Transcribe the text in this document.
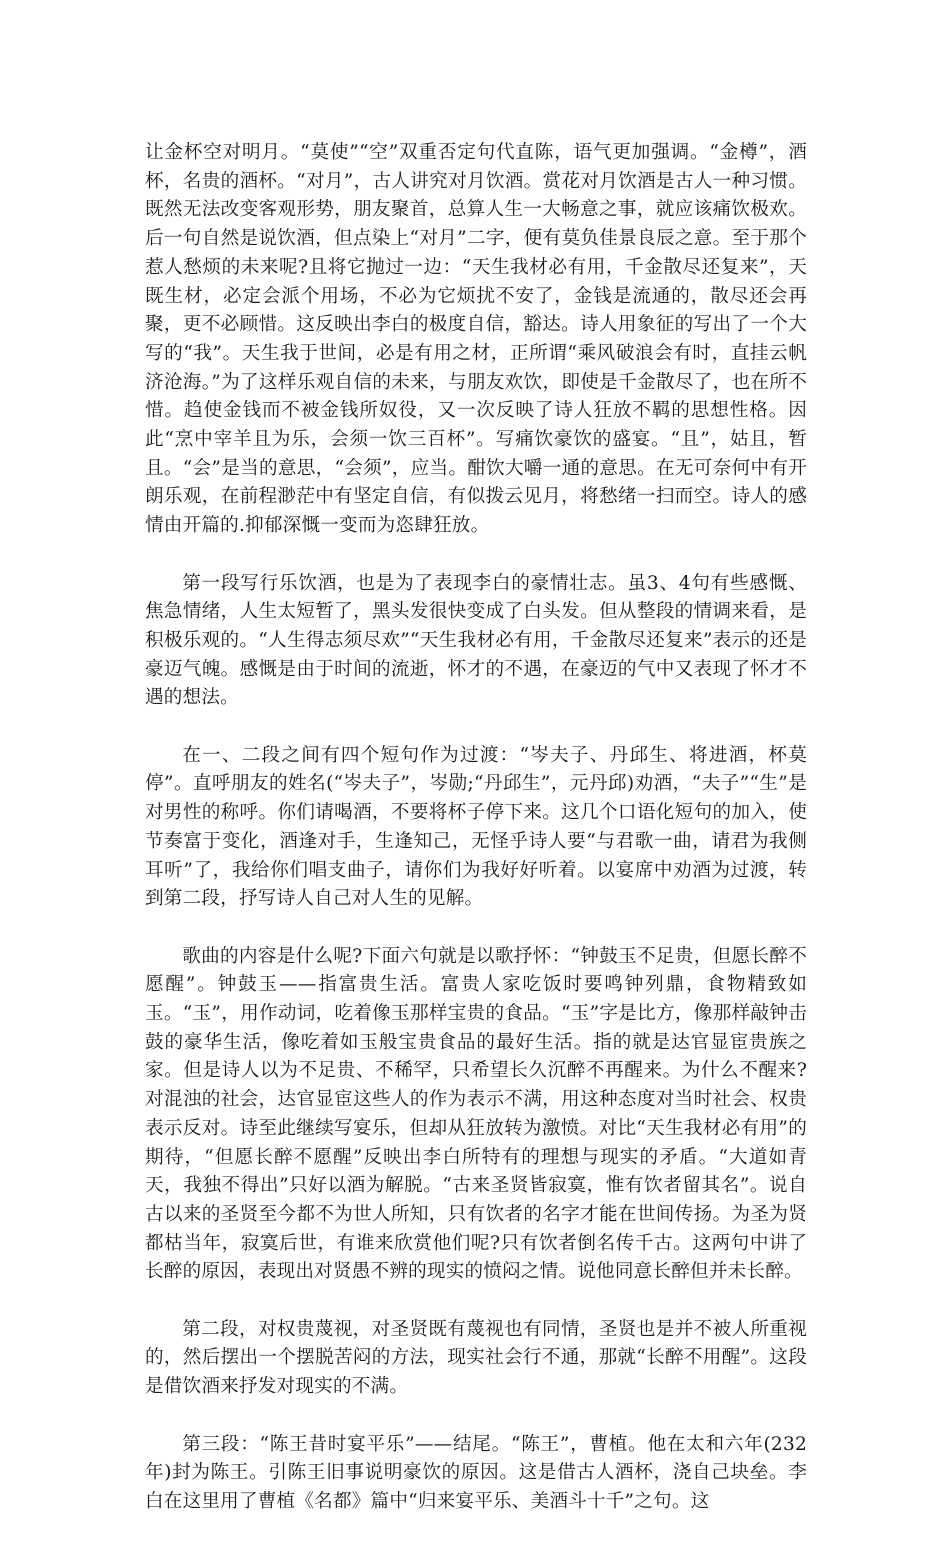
让金杯空对明月。“莫使”“空”双重否定句代直陈，语气更加强调。“金樽”，酒杯，名贵的酒杯。“对月”，古人讲究对月饮酒。赏花对月饮酒是古人一种习惯。既然无法改变客观形势，朋友聚首，总算人生一大畅意之事，就应该痛饮极欢。后一句自然是说饮酒，但点染上“对月”二字，便有莫负佳景良辰之意。至于那个惹人愁烦的未来呢?且将它抛过一边：“天生我材必有用，千金散尽还复来”，天既生材，必定会派个用场，不必为它烦扰不安了，金钱是流通的，散尽还会再聚，更不必顾惜。这反映出李白的极度自信，豁达。诗人用象征的写出了一个大写的“我”。天生我于世间，必是有用之材，正所谓“乘风破浪会有时，直挂云帆济沧海。”为了这样乐观自信的未来，与朋友欢饮，即使是千金散尽了，也在所不惜。趋使金钱而不被金钱所奴役，又一次反映了诗人狂放不羁的思想性格。因此“烹中宰羊且为乐，会须一饮三百杯”。写痛饮豪饮的盛宴。“且”，姑且，暂且。“会”是当的意思，“会须”，应当。酣饮大嚼一通的意思。在无可奈何中有开朗乐观，在前程渺茫中有坚定自信，有似拨云见月，将愁绪一扫而空。诗人的感情由开篇的.抑郁深慨一变而为恣肆狂放。

第一段写行乐饮酒，也是为了表现李白的豪情壮志。虽3、4句有些感慨、焦急情绪，人生太短暂了，黑头发很快变成了白头发。但从整段的情调来看，是积极乐观的。“人生得志须尽欢”“天生我材必有用，千金散尽还复来”表示的还是豪迈气魄。感慨是由于时间的流逝，怀才的不遇，在豪迈的气中又表现了怀才不遇的想法。

在一、二段之间有四个短句作为过渡：“岑夫子、丹邱生、将进酒，杯莫停”。直呼朋友的姓名(“岑夫子”，岑勋;“丹邱生”，元丹邱)劝酒，“夫子”“生”是对男性的称呼。你们请喝酒，不要将杯子停下来。这几个口语化短句的加入，使节奏富于变化，酒逢对手，生逢知己，无怪乎诗人要“与君歌一曲，请君为我侧耳听”了，我给你们唱支曲子，请你们为我好好听着。以宴席中劝酒为过渡，转到第二段，抒写诗人自己对人生的见解。

歌曲的内容是什么呢?下面六句就是以歌抒怀：“钟鼓玉不足贵，但愿长醉不愿醒”。钟鼓玉——指富贵生活。富贵人家吃饭时要鸣钟列鼎，食物精致如玉。“玉”，用作动词，吃着像玉那样宝贵的食品。“玉”字是比方，像那样敲钟击鼓的豪华生活，像吃着如玉般宝贵食品的最好生活。指的就是达官显宦贵族之家。但是诗人以为不足贵、不稀罕，只希望长久沉醉不再醒来。为什么不醒来?对混浊的社会，达官显宦这些人的作为表示不满，用这种态度对当时社会、权贵表示反对。诗至此继续写宴乐，但却从狂放转为激愤。对比“天生我材必有用”的期待，“但愿长醉不愿醒”反映出李白所特有的理想与现实的矛盾。“大道如青天，我独不得出”只好以酒为解脱。“古来圣贤皆寂寞，惟有饮者留其名”。说自古以来的圣贤至今都不为世人所知，只有饮者的名字才能在世间传扬。为圣为贤都枯当年，寂寞后世，有谁来欣赏他们呢?只有饮者倒名传千古。这两句中讲了长醉的原因，表现出对贤愚不辨的现实的愤闷之情。说他同意长醉但并未长醉。

第二段，对权贵蔑视，对圣贤既有蔑视也有同情，圣贤也是并不被人所重视的，然后摆出一个摆脱苦闷的方法，现实社会行不通，那就“长醉不用醒”。这段是借饮酒来抒发对现实的不满。

第三段：“陈王昔时宴平乐”——结尾。“陈王”，曹植。他在太和六年(232年)封为陈王。引陈王旧事说明豪饮的原因。这是借古人酒杯，浇自己块垒。李白在这里用了曹植《名都》篇中“归来宴平乐、美酒斗十千”之句。这
